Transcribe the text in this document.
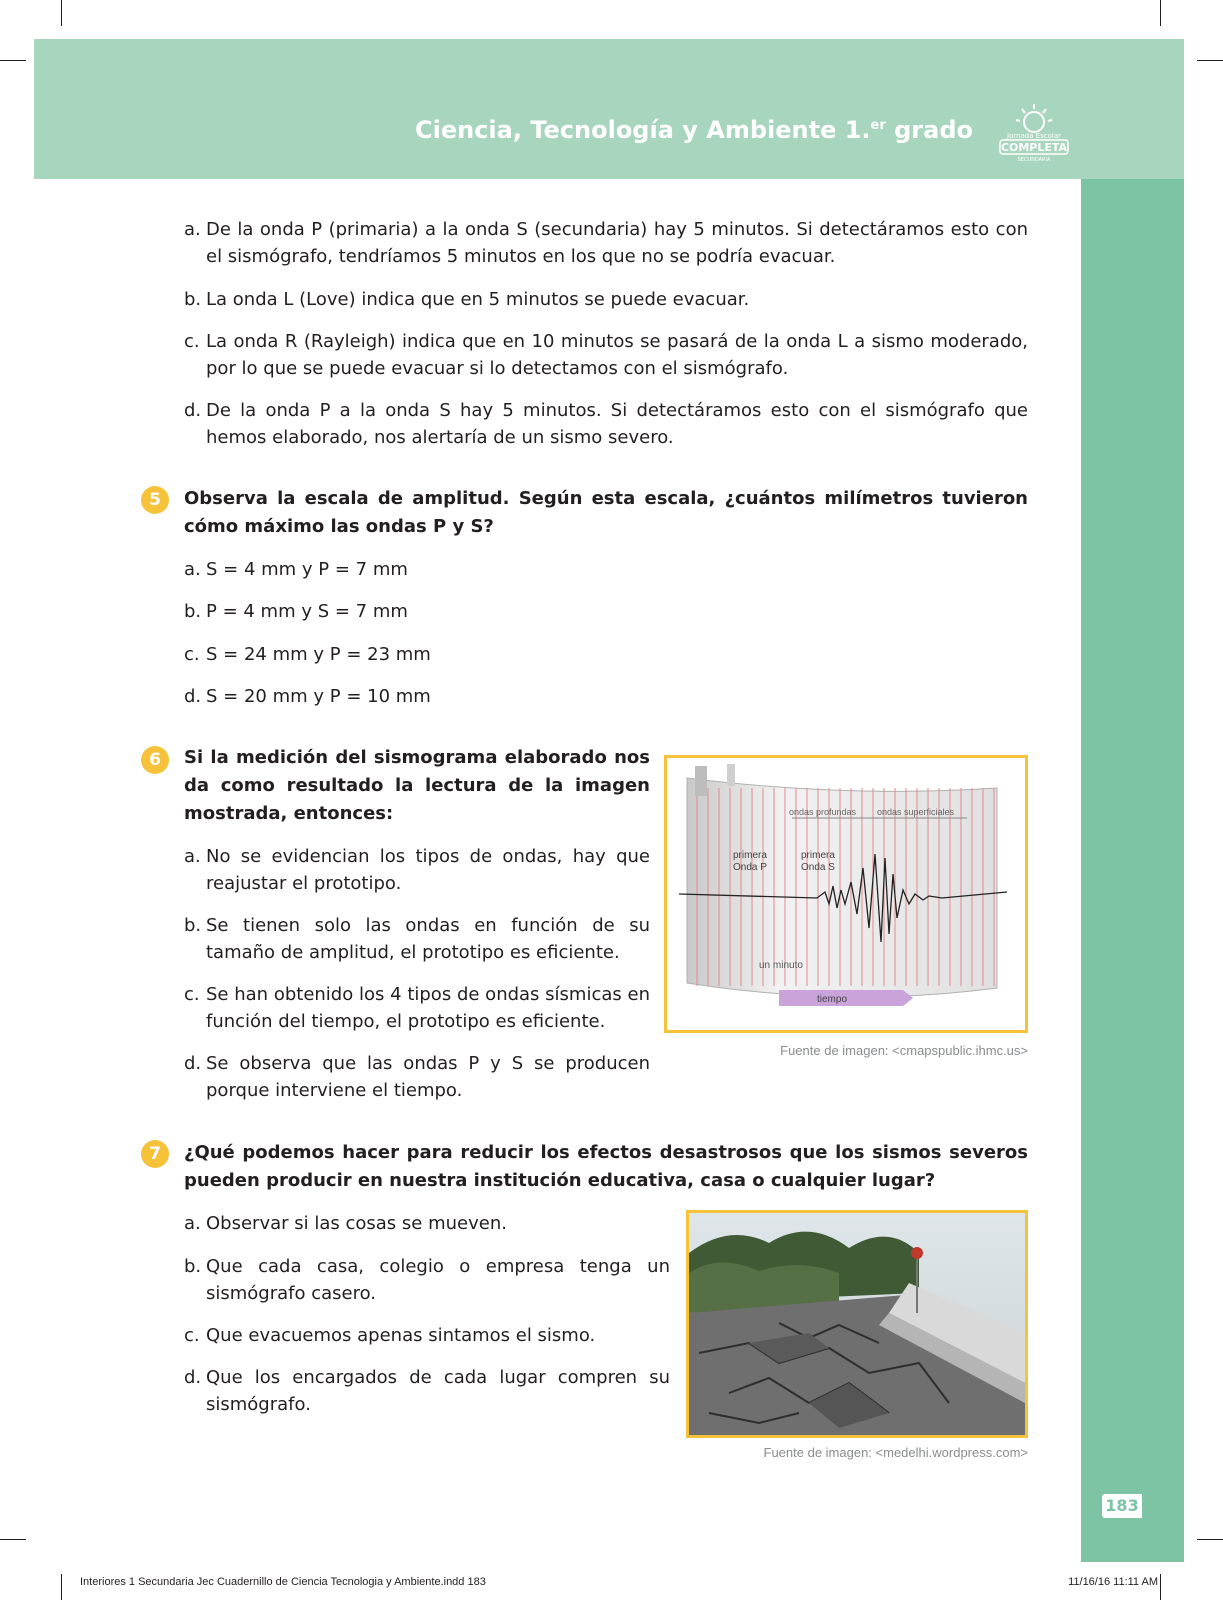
Ciencia, Tecnología y Ambiente 1.$^{er}$ grado	Jornada Escolar
COMPLETA
SECUNDARIA
183
a. De la onda P (primaria) a la onda S (secundaria) hay 5 minutos. Si detectáramos esto con el sismógrafo, tendríamos 5 minutos en los que no se podría evacuar.
b. La onda L (Love) indica que en 5 minutos se puede evacuar.
c. La onda R (Rayleigh) indica que en 10 minutos se pasará de la onda L a sismo moderado, por lo que se puede evacuar si lo detectamos con el sismógrafo.
d. De la onda P a la onda S hay 5 minutos. Si detectáramos esto con el sismógrafo que hemos elaborado, nos alertaría de un sismo severo.
5	Observa la escala de amplitud. Según esta escala, ¿cuántos milímetros tuvieron cómo máximo las ondas P y S?
a. S = 4 mm y P = 7 mm
b. P = 4 mm y S = 7 mm
c. S = 24 mm y P = 23 mm
d. S = 20 mm y P = 10 mm
6	Si la medición del sismograma elaborado nos da como resultado la lectura de la imagen mostrada, entonces:
a. No se evidencian los tipos de ondas, hay que reajustar el prototipo.
b. Se tienen solo las ondas en función de su tamaño de amplitud, el prototipo es eficiente.
c. Se han obtenido los 4 tipos de ondas sísmicas en función del tiempo, el prototipo es eficiente.
d. Se observa que las ondas P y S se producen porque interviene el tiempo.
ondas profundas ondas superficiales
primera
Onda P
primera
Onda S
un minuto
tiempo
Fuente de imagen: <cmapspublic.ihmc.us>
7	¿Qué podemos hacer para reducir los efectos desastrosos que los sismos severos pueden producir en nuestra institución educativa, casa o cualquier lugar?
a. Observar si las cosas se mueven.
b. Que cada casa, colegio o empresa tenga un sismógrafo casero.
c. Que evacuemos apenas sintamos el sismo.
d. Que los encargados de cada lugar compren su sismógrafo.
Fuente de imagen: <medelhi.wordpress.com>
Interiores 1 Secundaria Jec Cuadernillo de Ciencia Tecnologia y Ambiente.indd 183	11/16/16 11:11 AM
